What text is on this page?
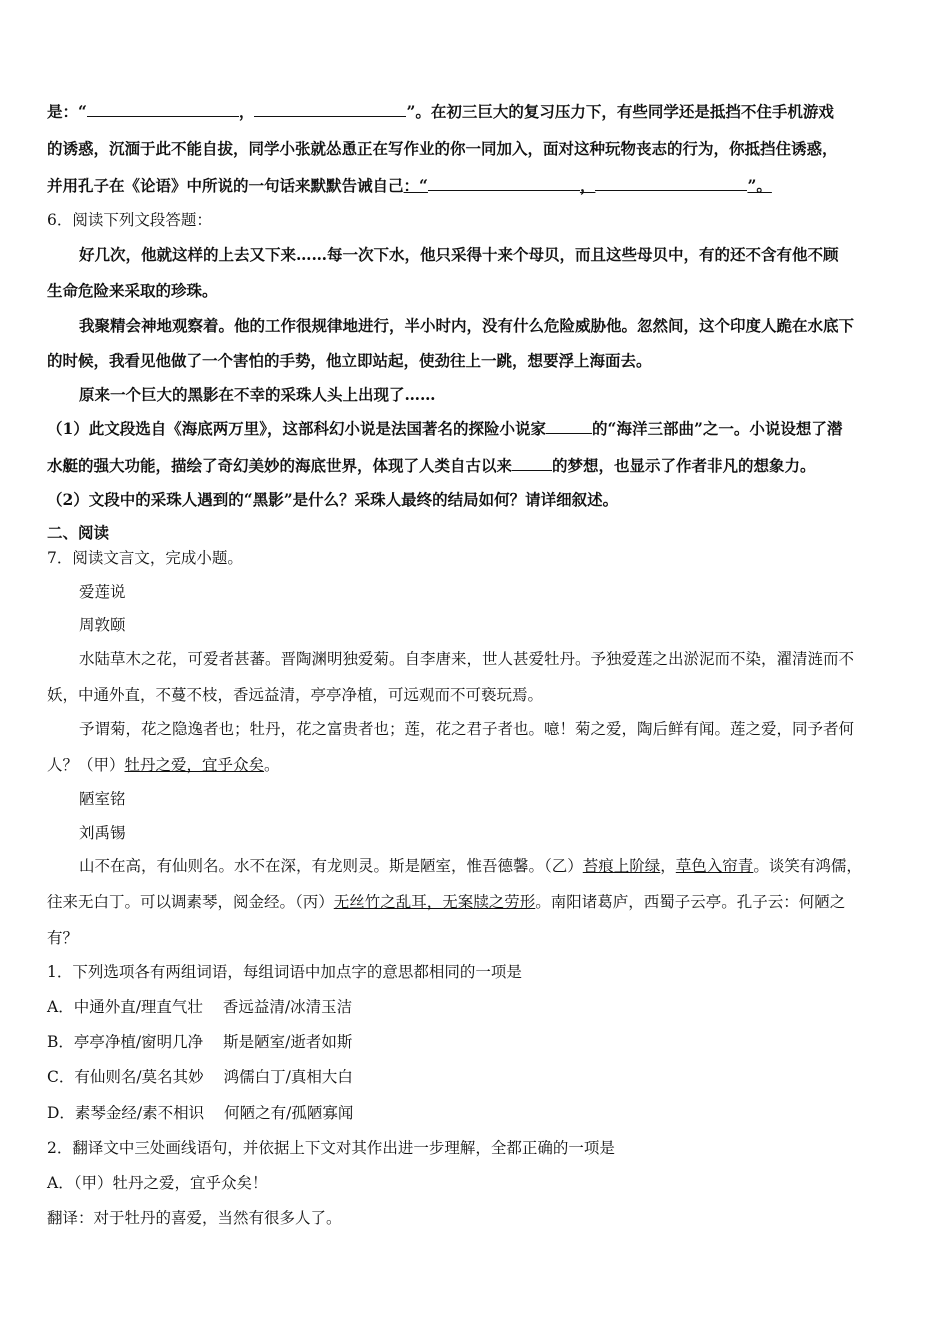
是：“	，	”。在初三巨大的复习压力下，有些同学还是抵挡不住手机游戏
的诱惑，沉湎于此不能自拔，同学小张就怂恿正在写作业的你一同加入，面对这种玩物丧志的行为，你抵挡住诱惑，
并用孔子在《论语》中所说的一句话来默默告诫自己：“	，	”。
6．阅读下列文段答题：
好几次，他就这样的上去又下来……每一次下水，他只采得十来个母贝，而且这些母贝中，有的还不含有他不顾
生命危险来采取的珍珠。
我聚精会神地观察着。他的工作很规律地进行，半小时内，没有什么危险威胁他。忽然间，这个印度人跪在水底下
的时候，我看见他做了一个害怕的手势，他立即站起，使劲往上一跳，想要浮上海面去。
原来一个巨大的黑影在不幸的采珠人头上出现了……
（1）此文段选自《海底两万里》，这部科幻小说是法国著名的探险小说家	的“海洋三部曲”之一。小说设想了潜
水艇的强大功能，描绘了奇幻美妙的海底世界，体现了人类自古以来	的梦想，也显示了作者非凡的想象力。
（2）文段中的采珠人遇到的“黑影”是什么？采珠人最终的结局如何？请详细叙述。
二、阅读
7．阅读文言文，完成小题。
爱莲说
周敦颐
水陆草木之花，可爱者甚蕃。晋陶渊明独爱菊。自李唐来，世人甚爱牡丹。予独爱莲之出淤泥而不染，濯清涟而不
妖，中通外直，不蔓不枝，香远益清，亭亭净植，可远观而不可亵玩焉。
予谓菊，花之隐逸者也；牡丹，花之富贵者也；莲，花之君子者也。噫！菊之爱，陶后鲜有闻。莲之爱，同予者何
人？（甲）牡丹之爱，宜乎众矣。
陋室铭
刘禹锡
山不在高，有仙则名。水不在深，有龙则灵。斯是陋室，惟吾德馨。（乙）苔痕上阶绿，草色入帘青。谈笑有鸿儒，
往来无白丁。可以调素琴，阅金经。（丙）无丝竹之乱耳，无案牍之劳形。南阳诸葛庐，西蜀子云亭。孔子云：何陋之
有？
1．下列选项各有两组词语，每组词语中加点字的意思都相同的一项是
A．中通外直/理直气壮 香远益清/冰清玉洁
B．亭亭净植/窗明几净 斯是陋室/逝者如斯
C．有仙则名/莫名其妙 鸿儒白丁/真相大白
D．素琴金经/素不相识 何陋之有/孤陋寡闻
2．翻译文中三处画线语句，并依据上下文对其作出进一步理解，全都正确的一项是
A．（甲）牡丹之爱，宜乎众矣！
翻译：对于牡丹的喜爱，当然有很多人了。
